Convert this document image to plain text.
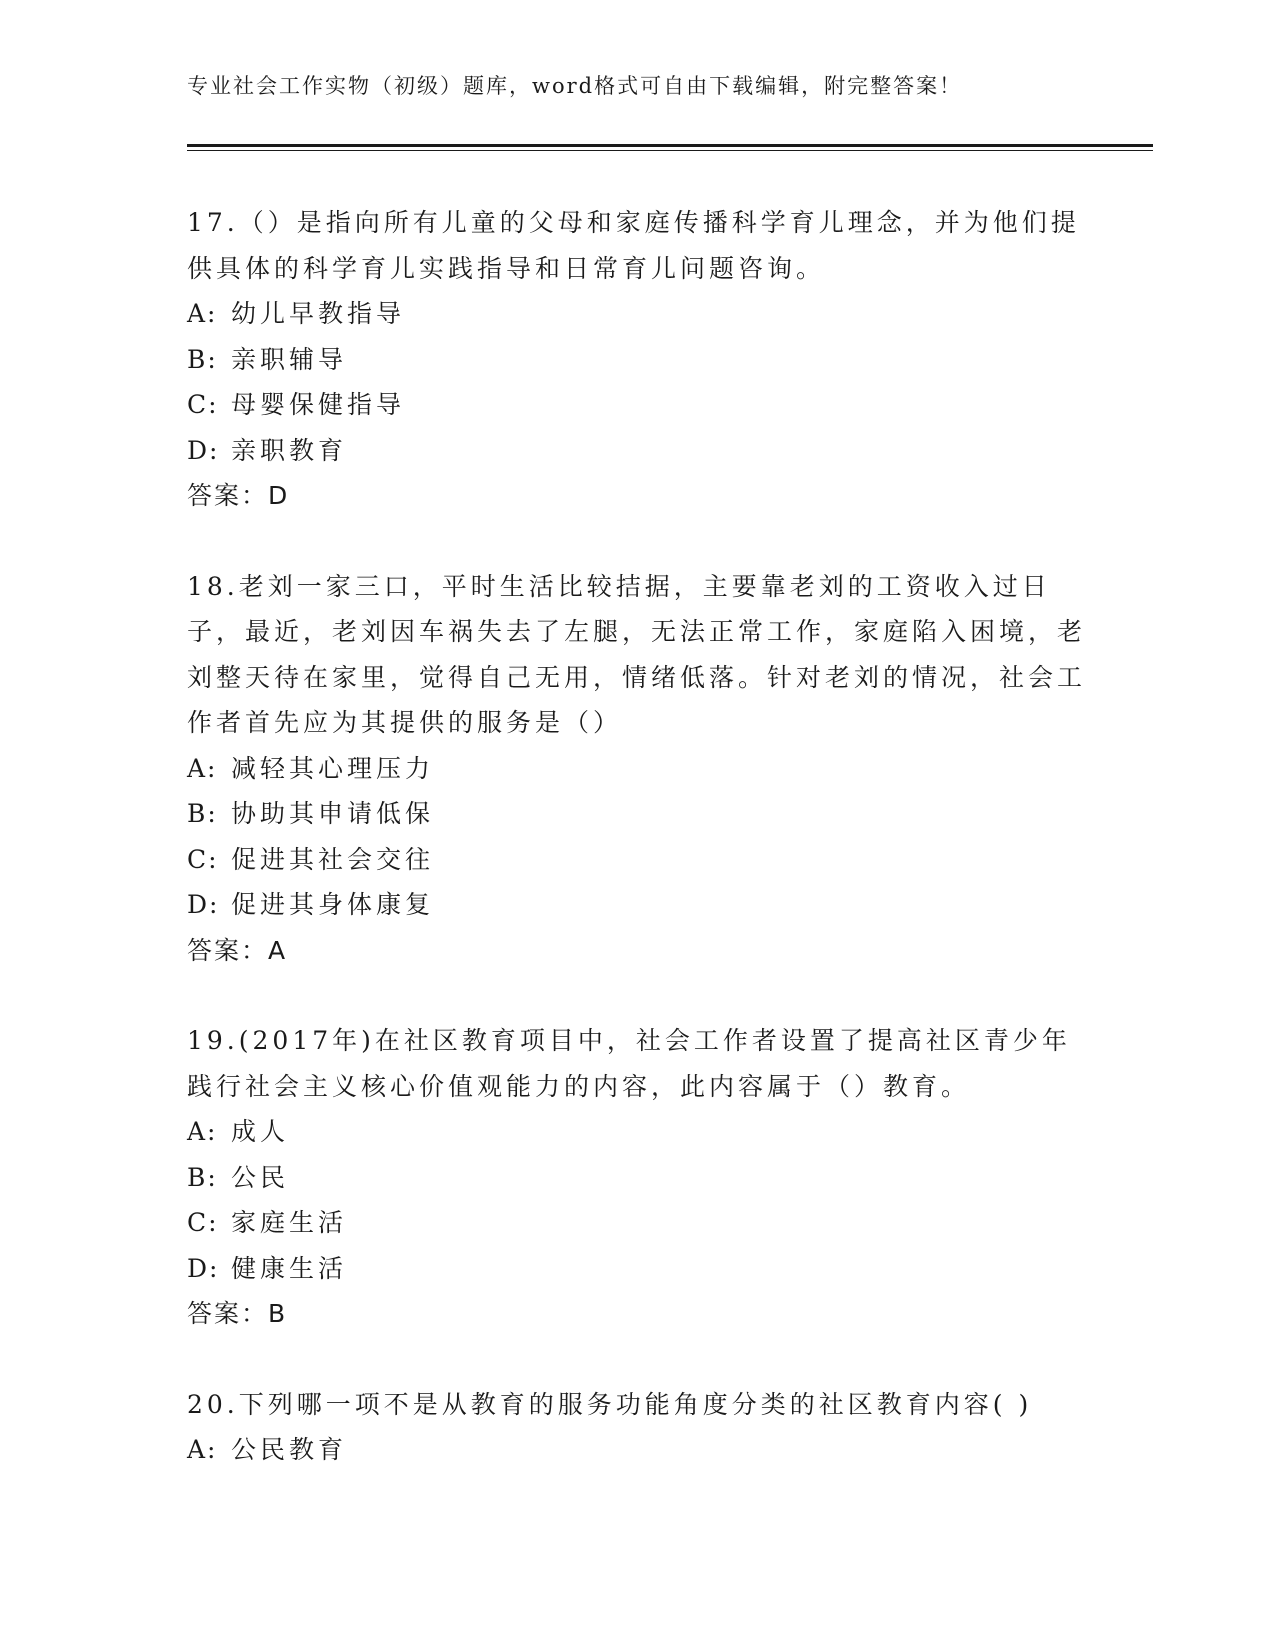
专业社会工作实物（初级）题库，word格式可自由下载编辑，附完整答案！

17.（）是指向所有儿童的父母和家庭传播科学育儿理念，并为他们提供具体的科学育儿实践指导和日常育儿问题咨询。

A: 幼儿早教指导
B: 亲职辅导
C: 母婴保健指导
D: 亲职教育
答案：D

18.老刘一家三口，平时生活比较拮据，主要靠老刘的工资收入过日子，最近，老刘因车祸失去了左腿，无法正常工作，家庭陷入困境，老刘整天待在家里，觉得自己无用，情绪低落。针对老刘的情况，社会工作者首先应为其提供的服务是（）

A: 减轻其心理压力
B: 协助其申请低保
C: 促进其社会交往
D: 促进其身体康复
答案：A

19.(2017年)在社区教育项目中，社会工作者设置了提高社区青少年践行社会主义核心价值观能力的内容，此内容属于（）教育。

A: 成人
B: 公民
C: 家庭生活
D: 健康生活
答案：B

20.下列哪一项不是从教育的服务功能角度分类的社区教育内容( )

A: 公民教育
